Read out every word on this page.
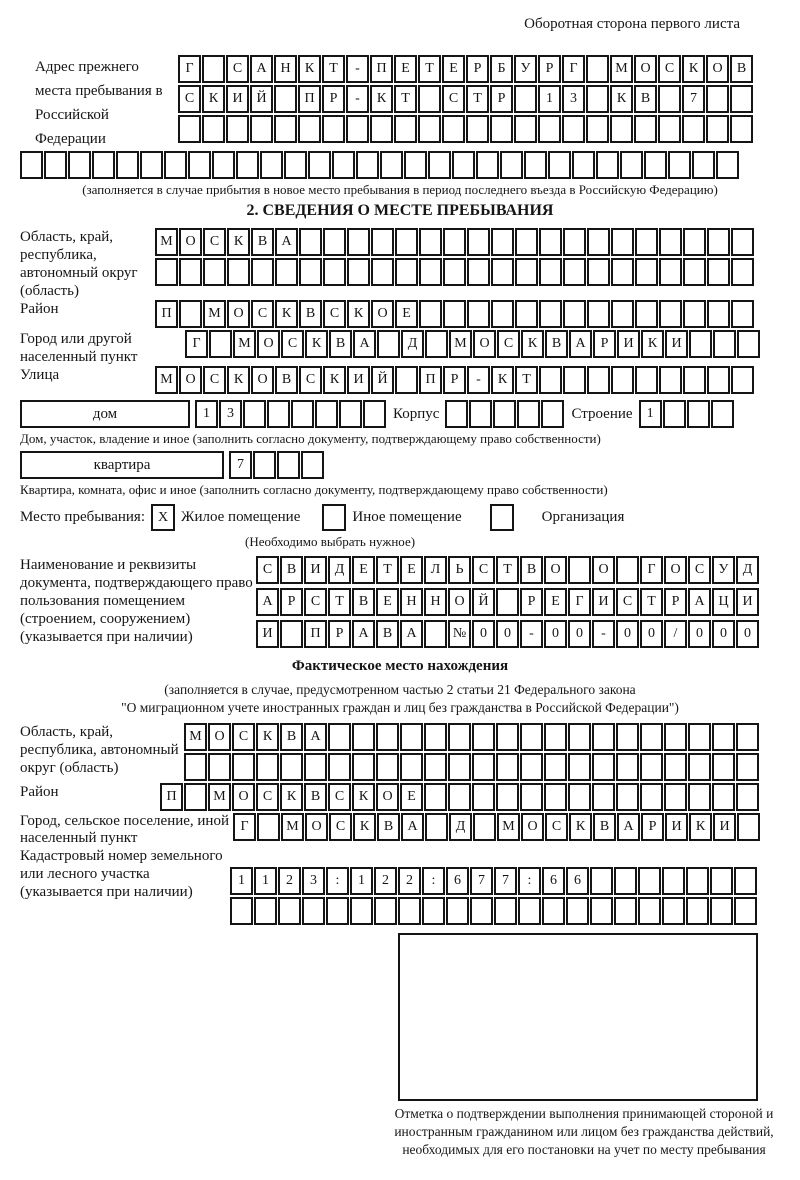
Оборотная сторона первого листа
Адрес прежнего места пребывания в Российской Федерации
Г	С	А Н	К	Т	-	П	Е	Т	Е	Р	Б	У	Р	Г	М О	С	К	О	В
С	К	И Й	П	Р	-	К	Т	С	Т	Р	1	3	К	В	7
(заполняется в случае прибытия в новое место пребывания в период последнего въезда в Российскую Федерацию)
2. СВЕДЕНИЯ О МЕСТЕ ПРЕБЫВАНИЯ
Область, край, республика, автономный округ (область)
М О	С	К	В	А
Район	П	М О	С	К	В	С	К	О	Е
Город или другой населенный пункт
Г	М О	С	К	В	А	Д	М О	С	К	В	А	Р	И	К	И
Улица	М О	С	К	О	В	С	К	И Й	П	Р	-	К	Т
дом	1	3	Корпус	Строение	1
Дом, участок, владение и иное (заполнить согласно документу, подтверждающему право собственности)
квартира	7
Квартира, комната, офис и иное (заполнить согласно документу, подтверждающему право собственности)
Место пребывания: X Жилое помещение	Иное помещение	Организация
(Необходимо выбрать нужное)
Наименование и реквизиты документа, подтверждающего право пользования помещением (строением, сооружением) (указывается при наличии)
С	В	И	Д	Е	Т	Е	Л	Ь	С	Т	В	О	О	Г	О	С	У	Д
А	Р	С	Т	В	Е	Н Н О Й	Р	Е	Г	И	С	Т	Р	А Ц И
И	П	Р	А	В	А	№ 0	0	-	0	0	-	0	0	/	0	0	0
Фактическое место нахождения
(заполняется в случае, предусмотренном частью 2 статьи 21 Федерального закона
"О миграционном учете иностранных граждан и лиц без гражданства в Российской Федерации")
Область, край, республика, автономный округ (область)
М О	С	К	В	А
Район	П	М О	С	К	В	С	К	О	Е
Город, сельское поселение, иной населенный пункт
Г	М О	С	К	В	А	Д	М О	С	К	В	А	Р	И	К	И
Кадастровый номер земельного или лесного участка (указывается при наличии)
1	1	2	3	:	1	2	2	:	6	7	7	:	6	6
Отметка о подтверждении выполнения принимающей стороной и иностранным гражданином или лицом без гражданства действий, необходимых для его постановки на учет по месту пребывания
